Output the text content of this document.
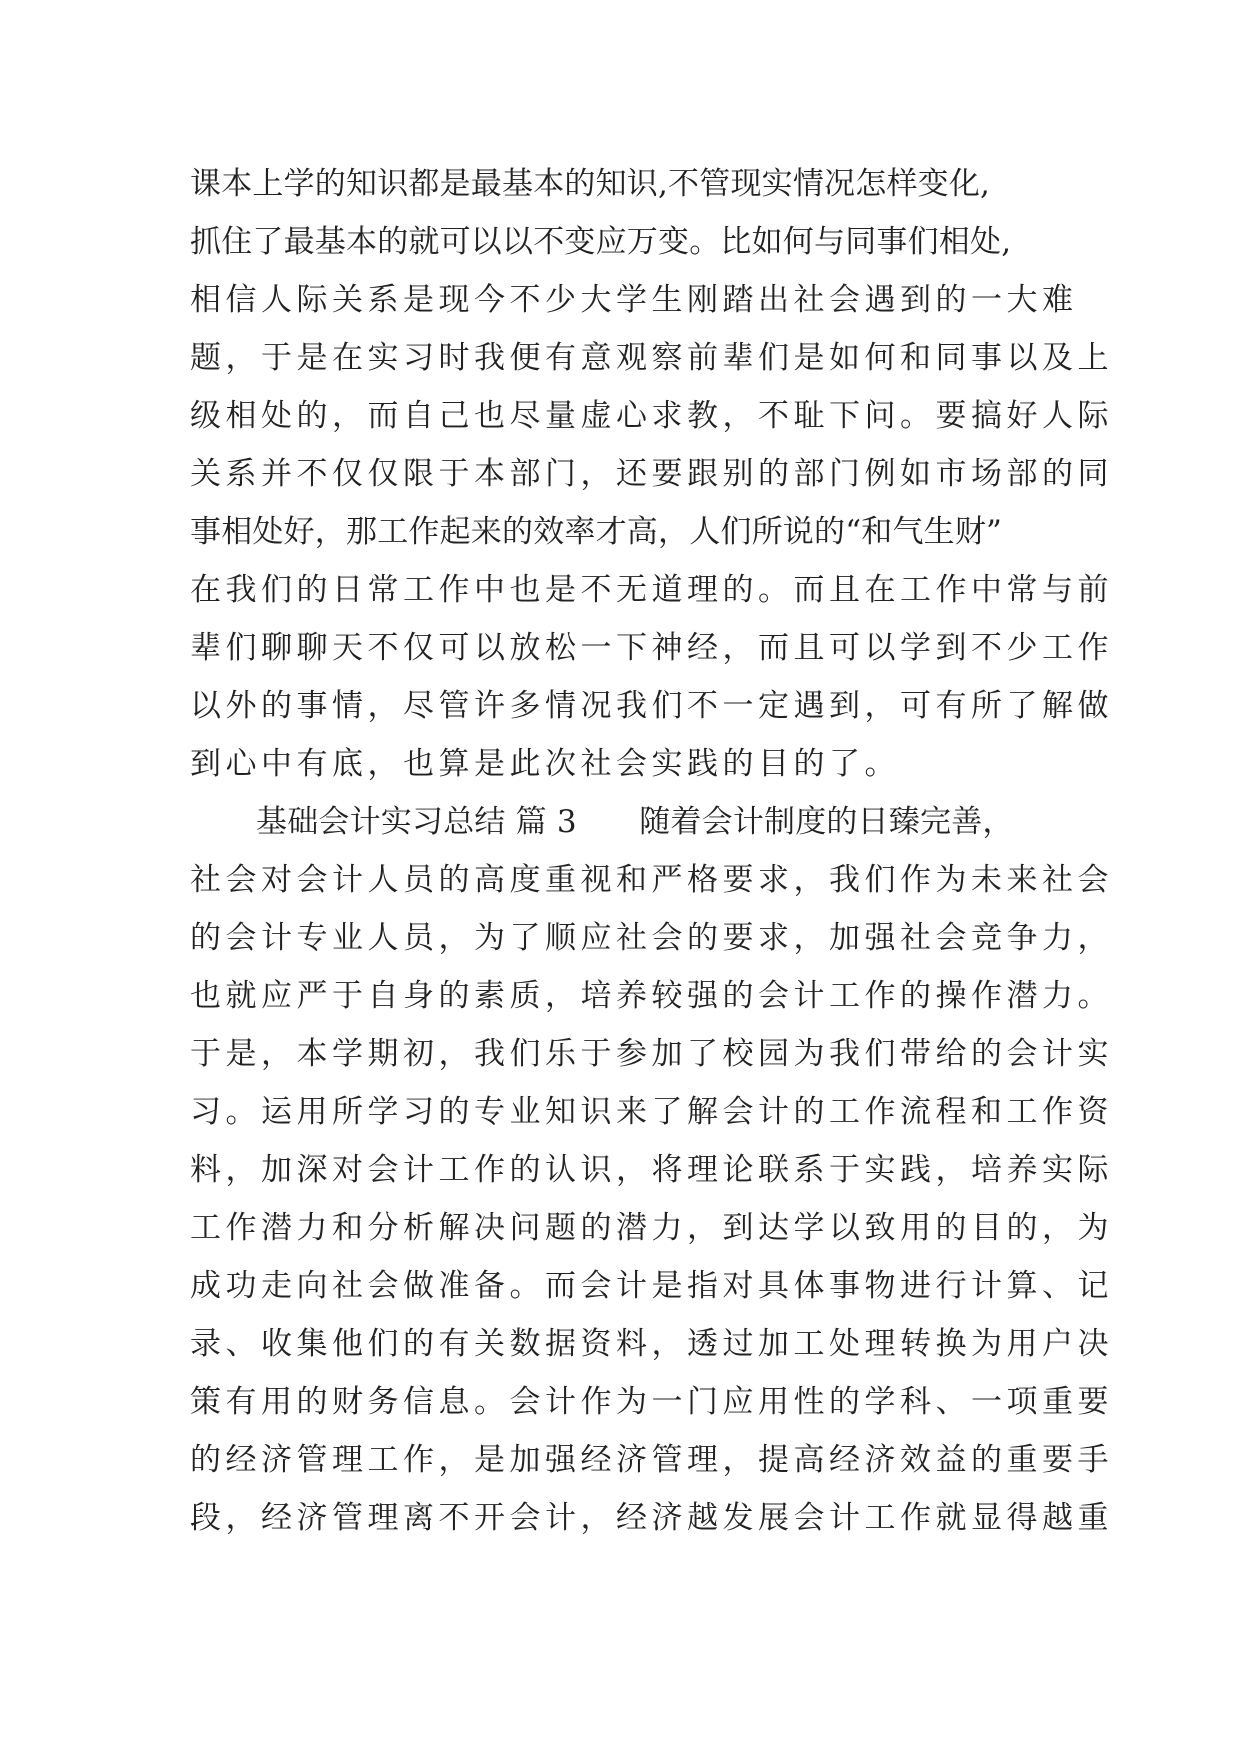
课本上学的知识都是最基本的知识,不管现实情况怎样变化,
抓住了最基本的就可以以不变应万变。比如何与同事们相处,
相信人际关系是现今不少大学生刚踏出社会遇到的一大难
题，于是在实习时我便有意观察前辈们是如何和同事以及上
级相处的，而自己也尽量虚心求教，不耻下问。要搞好人际
关系并不仅仅限于本部门，还要跟别的部门例如市场部的同
事相处好，那工作起来的效率才高，人们所说的“和气生财”
在我们的日常工作中也是不无道理的。而且在工作中常与前
辈们聊聊天不仅可以放松一下神经，而且可以学到不少工作
以外的事情，尽管许多情况我们不一定遇到，可有所了解做
到心中有底，也算是此次社会实践的目的了。
基础会计实习总结 篇 3　　随着会计制度的日臻完善，
社会对会计人员的高度重视和严格要求，我们作为未来社会
的会计专业人员，为了顺应社会的要求，加强社会竞争力，
也就应严于自身的素质，培养较强的会计工作的操作潜力。
于是，本学期初，我们乐于参加了校园为我们带给的会计实
习。运用所学习的专业知识来了解会计的工作流程和工作资
料，加深对会计工作的认识，将理论联系于实践，培养实际
工作潜力和分析解决问题的潜力，到达学以致用的目的，为
成功走向社会做准备。而会计是指对具体事物进行计算、记
录、收集他们的有关数据资料，透过加工处理转换为用户决
策有用的财务信息。会计作为一门应用性的学科、一项重要
的经济管理工作，是加强经济管理，提高经济效益的重要手
段，经济管理离不开会计，经济越发展会计工作就显得越重
